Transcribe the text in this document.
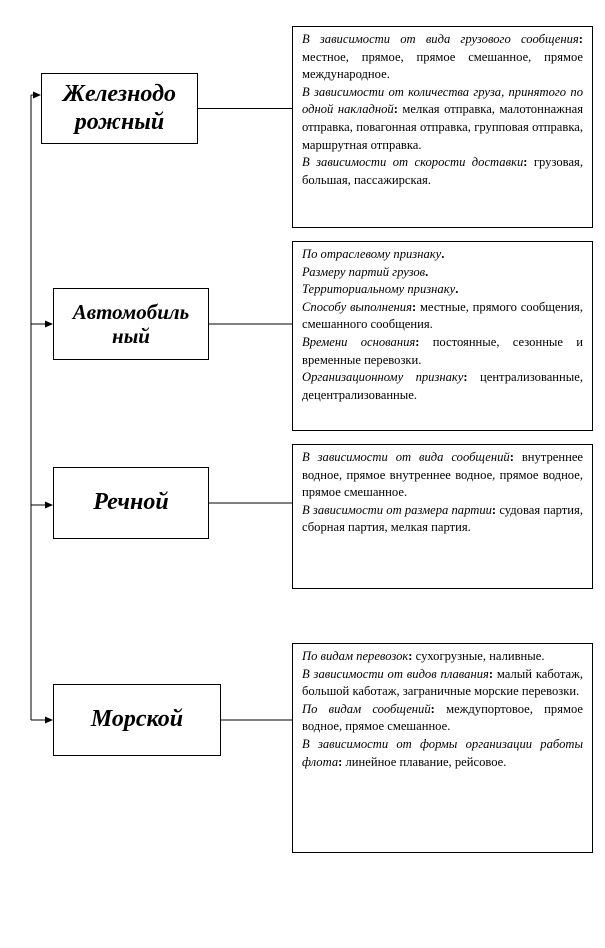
Железнодо
рожный

В зависимости от вида грузового сообщения: местное, прямое, прямое смешанное, прямое международное.

В зависимости от количества груза, принятого по одной накладной: мелкая отправка, малотоннажная отправка, повагонная отправка, групповая отправка, маршрутная отправка.

В зависимости от скорости доставки: грузовая, большая, пассажирская.

Автомобиль
ный

По отраслевому признаку.

Размеру партий грузов.

Территориальному признаку.

Способу выполнения: местные, прямого сообщения, смешанного сообщения.

Времени основания: постоянные, сезонные и временные перевозки.

Организационному признаку: централизованные, децентрализованные.

Речной

В зависимости от вида сообщений: внутреннее водное, прямое внутреннее водное, прямое водное, прямое смешанное.

В зависимости от размера партии: судовая партия, сборная партия, мелкая партия.

Морской

По видам перевозок: сухогрузные, наливные.

В зависимости от видов плавания: малый каботаж, большой каботаж, заграничные морские перевозки.

По видам сообщений: междупортовое, прямое водное, прямое смешанное.

В зависимости от формы организации работы флота: линейное плавание, рейсовое.
